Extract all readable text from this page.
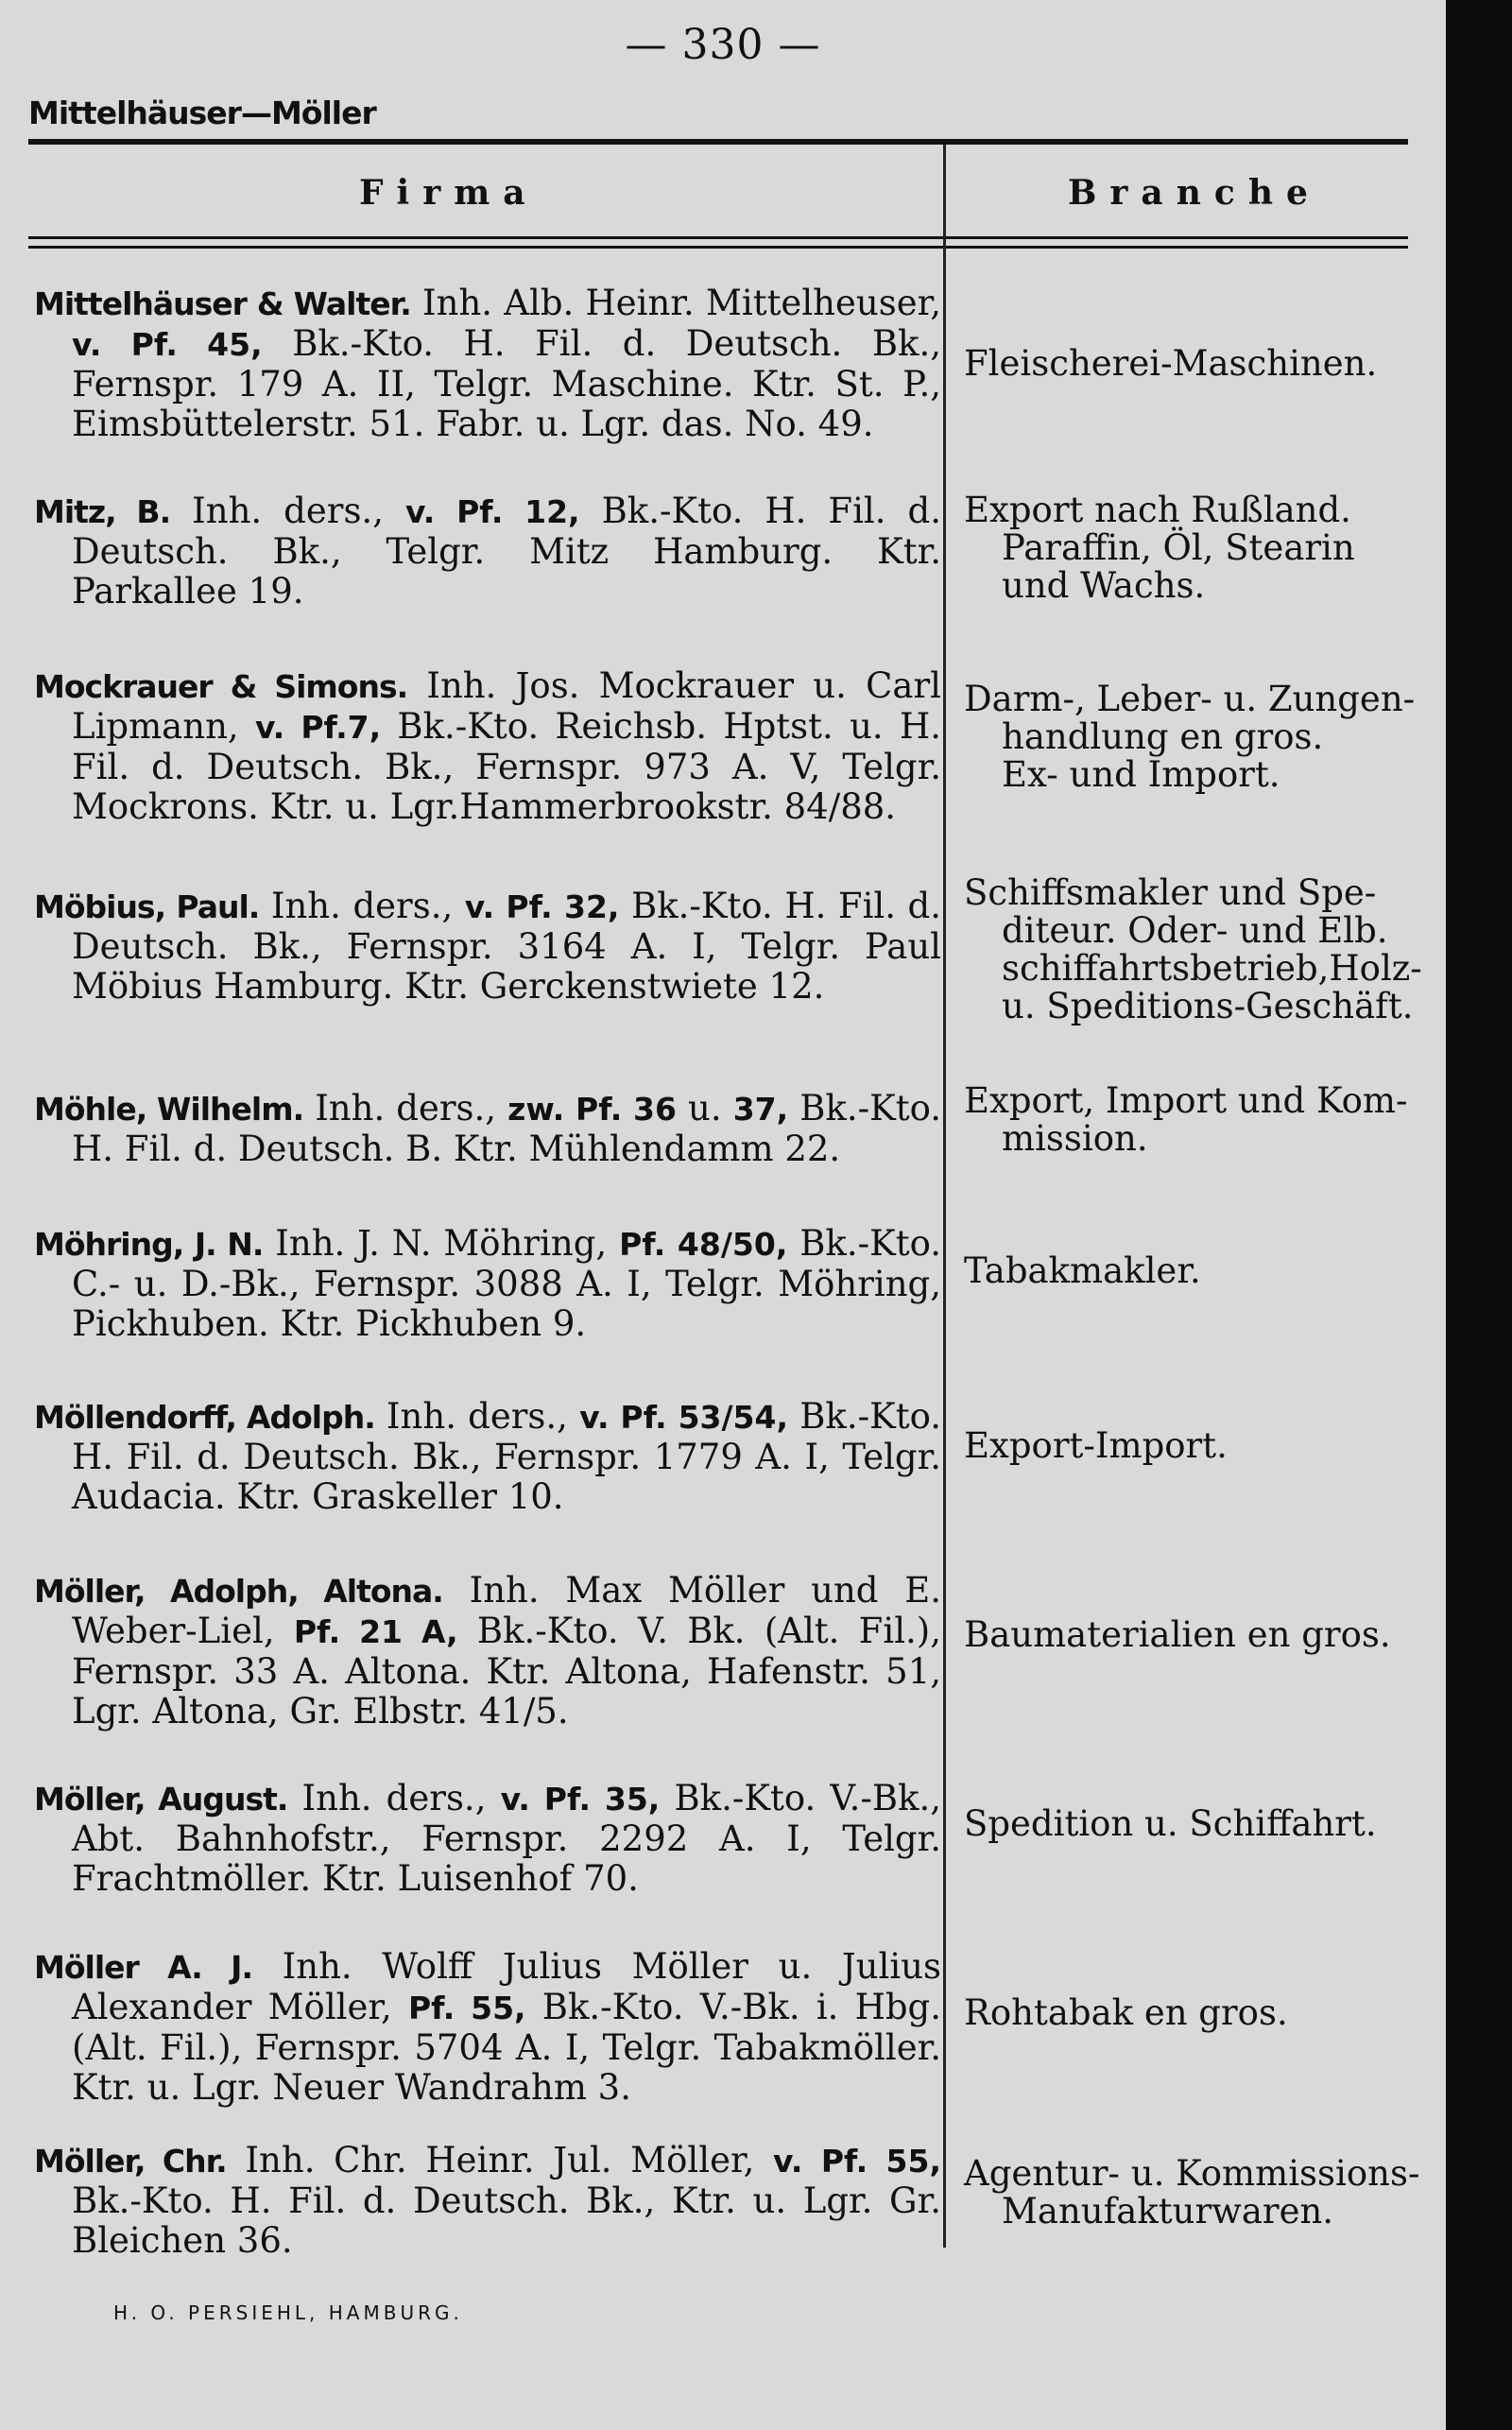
— 330 —
Mittelhäuser—Möller
Firma	Branche
Mittelhäuser & Walter. Inh. Alb. Heinr. Mittelheuser, v. Pf. 45, Bk.-Kto. H. Fil. d. Deutsch. Bk., Fernspr. 179 A. II, Telgr. Maschine. Ktr. St. P., Eimsbüttelerstr. 51. Fabr. u. Lgr. das. No. 49.
Mitz, B. Inh. ders., v. Pf. 12, Bk.-Kto. H. Fil. d. Deutsch. Bk., Telgr. Mitz Hamburg. Ktr. Parkallee 19.
Mockrauer & Simons. Inh. Jos. Mockrauer u. Carl Lipmann, v. Pf.7, Bk.-Kto. Reichsb. Hptst. u. H. Fil. d. Deutsch. Bk., Fernspr. 973 A. V, Telgr. Mockrons. Ktr. u. Lgr.Hammerbrookstr. 84/88.
Möbius, Paul. Inh. ders., v. Pf. 32, Bk.-Kto. H. Fil. d. Deutsch. Bk., Fernspr. 3164 A. I, Telgr. Paul Möbius Hamburg. Ktr. Gerckenstwiete 12.
Möhle, Wilhelm. Inh. ders., zw. Pf. 36 u. 37, Bk.-Kto. H. Fil. d. Deutsch. B. Ktr. Mühlendamm 22.
Möhring, J. N. Inh. J. N. Möhring, Pf. 48/50, Bk.-Kto. C.- u. D.-Bk., Fernspr. 3088 A. I, Telgr. Möhring, Pickhuben. Ktr. Pickhuben 9.
Möllendorff, Adolph. Inh. ders., v. Pf. 53/54, Bk.-Kto. H. Fil. d. Deutsch. Bk., Fernspr. 1779 A. I, Telgr. Audacia. Ktr. Graskeller 10.
Möller, Adolph, Altona. Inh. Max Möller und E. Weber-Liel, Pf. 21 A, Bk.-Kto. V. Bk. (Alt. Fil.), Fernspr. 33 A. Altona. Ktr. Altona, Hafenstr. 51, Lgr. Altona, Gr. Elbstr. 41/5.
Möller, August. Inh. ders., v. Pf. 35, Bk.-Kto. V.-Bk., Abt. Bahnhofstr., Fernspr. 2292 A. I, Telgr. Frachtmöller. Ktr. Luisenhof 70.
Möller A. J. Inh. Wolff Julius Möller u. Julius Alexander Möller, Pf. 55, Bk.-Kto. V.-Bk. i. Hbg. (Alt. Fil.), Fernspr. 5704 A. I, Telgr. Tabakmöller. Ktr. u. Lgr. Neuer Wandrahm 3.
Möller, Chr. Inh. Chr. Heinr. Jul. Möller, v. Pf. 55, Bk.-Kto. H. Fil. d. Deutsch. Bk., Ktr. u. Lgr. Gr. Bleichen 36.
H. O. PERSIEHL, HAMBURG.
Fleischerei-Maschinen.
Export nach Rußland.
Paraffin, Öl, Stearin
und Wachs.
Darm-, Leber- u. Zungen-
handlung en gros.
Ex- und Import.
Schiffsmakler und Spe-
diteur. Oder- und Elb.
schiffahrtsbetrieb,Holz-
u. Speditions-Geschäft.
Export, Import und Kom-
mission.
Tabakmakler.
Export-Import.
Baumaterialien en gros.
Spedition u. Schiffahrt.
Rohtabak en gros.
Agentur- u. Kommissions-
Manufakturwaren.
